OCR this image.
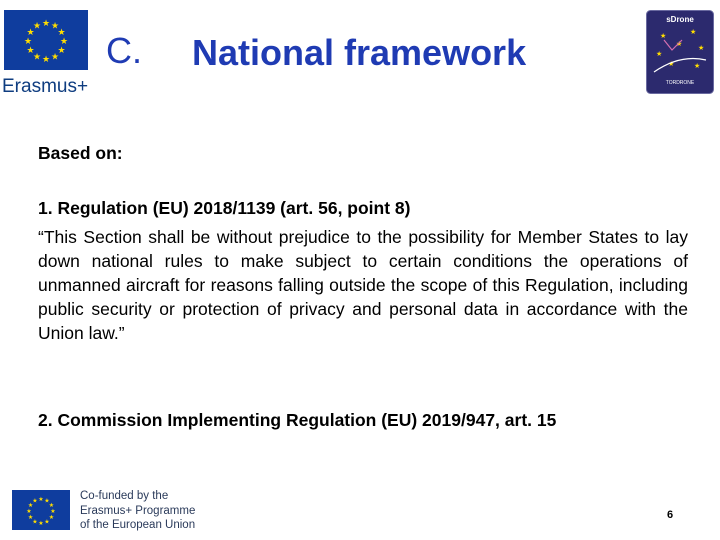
★ ★
★
★
★
★
★
★
★
★
★
★
Erasmus+
C. National framework
sDrone
★	★
★
★
★
★	★
TORDRONE
Based on:
1. Regulation (EU) 2018/1139 (art. 56, point 8)
“This Section shall be without prejudice to the possibility for Member States to lay down national rules to make subject to certain conditions the operations of unmanned aircraft for reasons falling outside the scope of this Regulation, including public security or protection of privacy and personal data in accordance with the Union law.”
2. Commission Implementing Regulation (EU) 2019/947, art. 15
★ ★
★
★
★
★
★
★
★
★
★
★	Co-funded by the
Erasmus+ Programme
of the European Union
6
